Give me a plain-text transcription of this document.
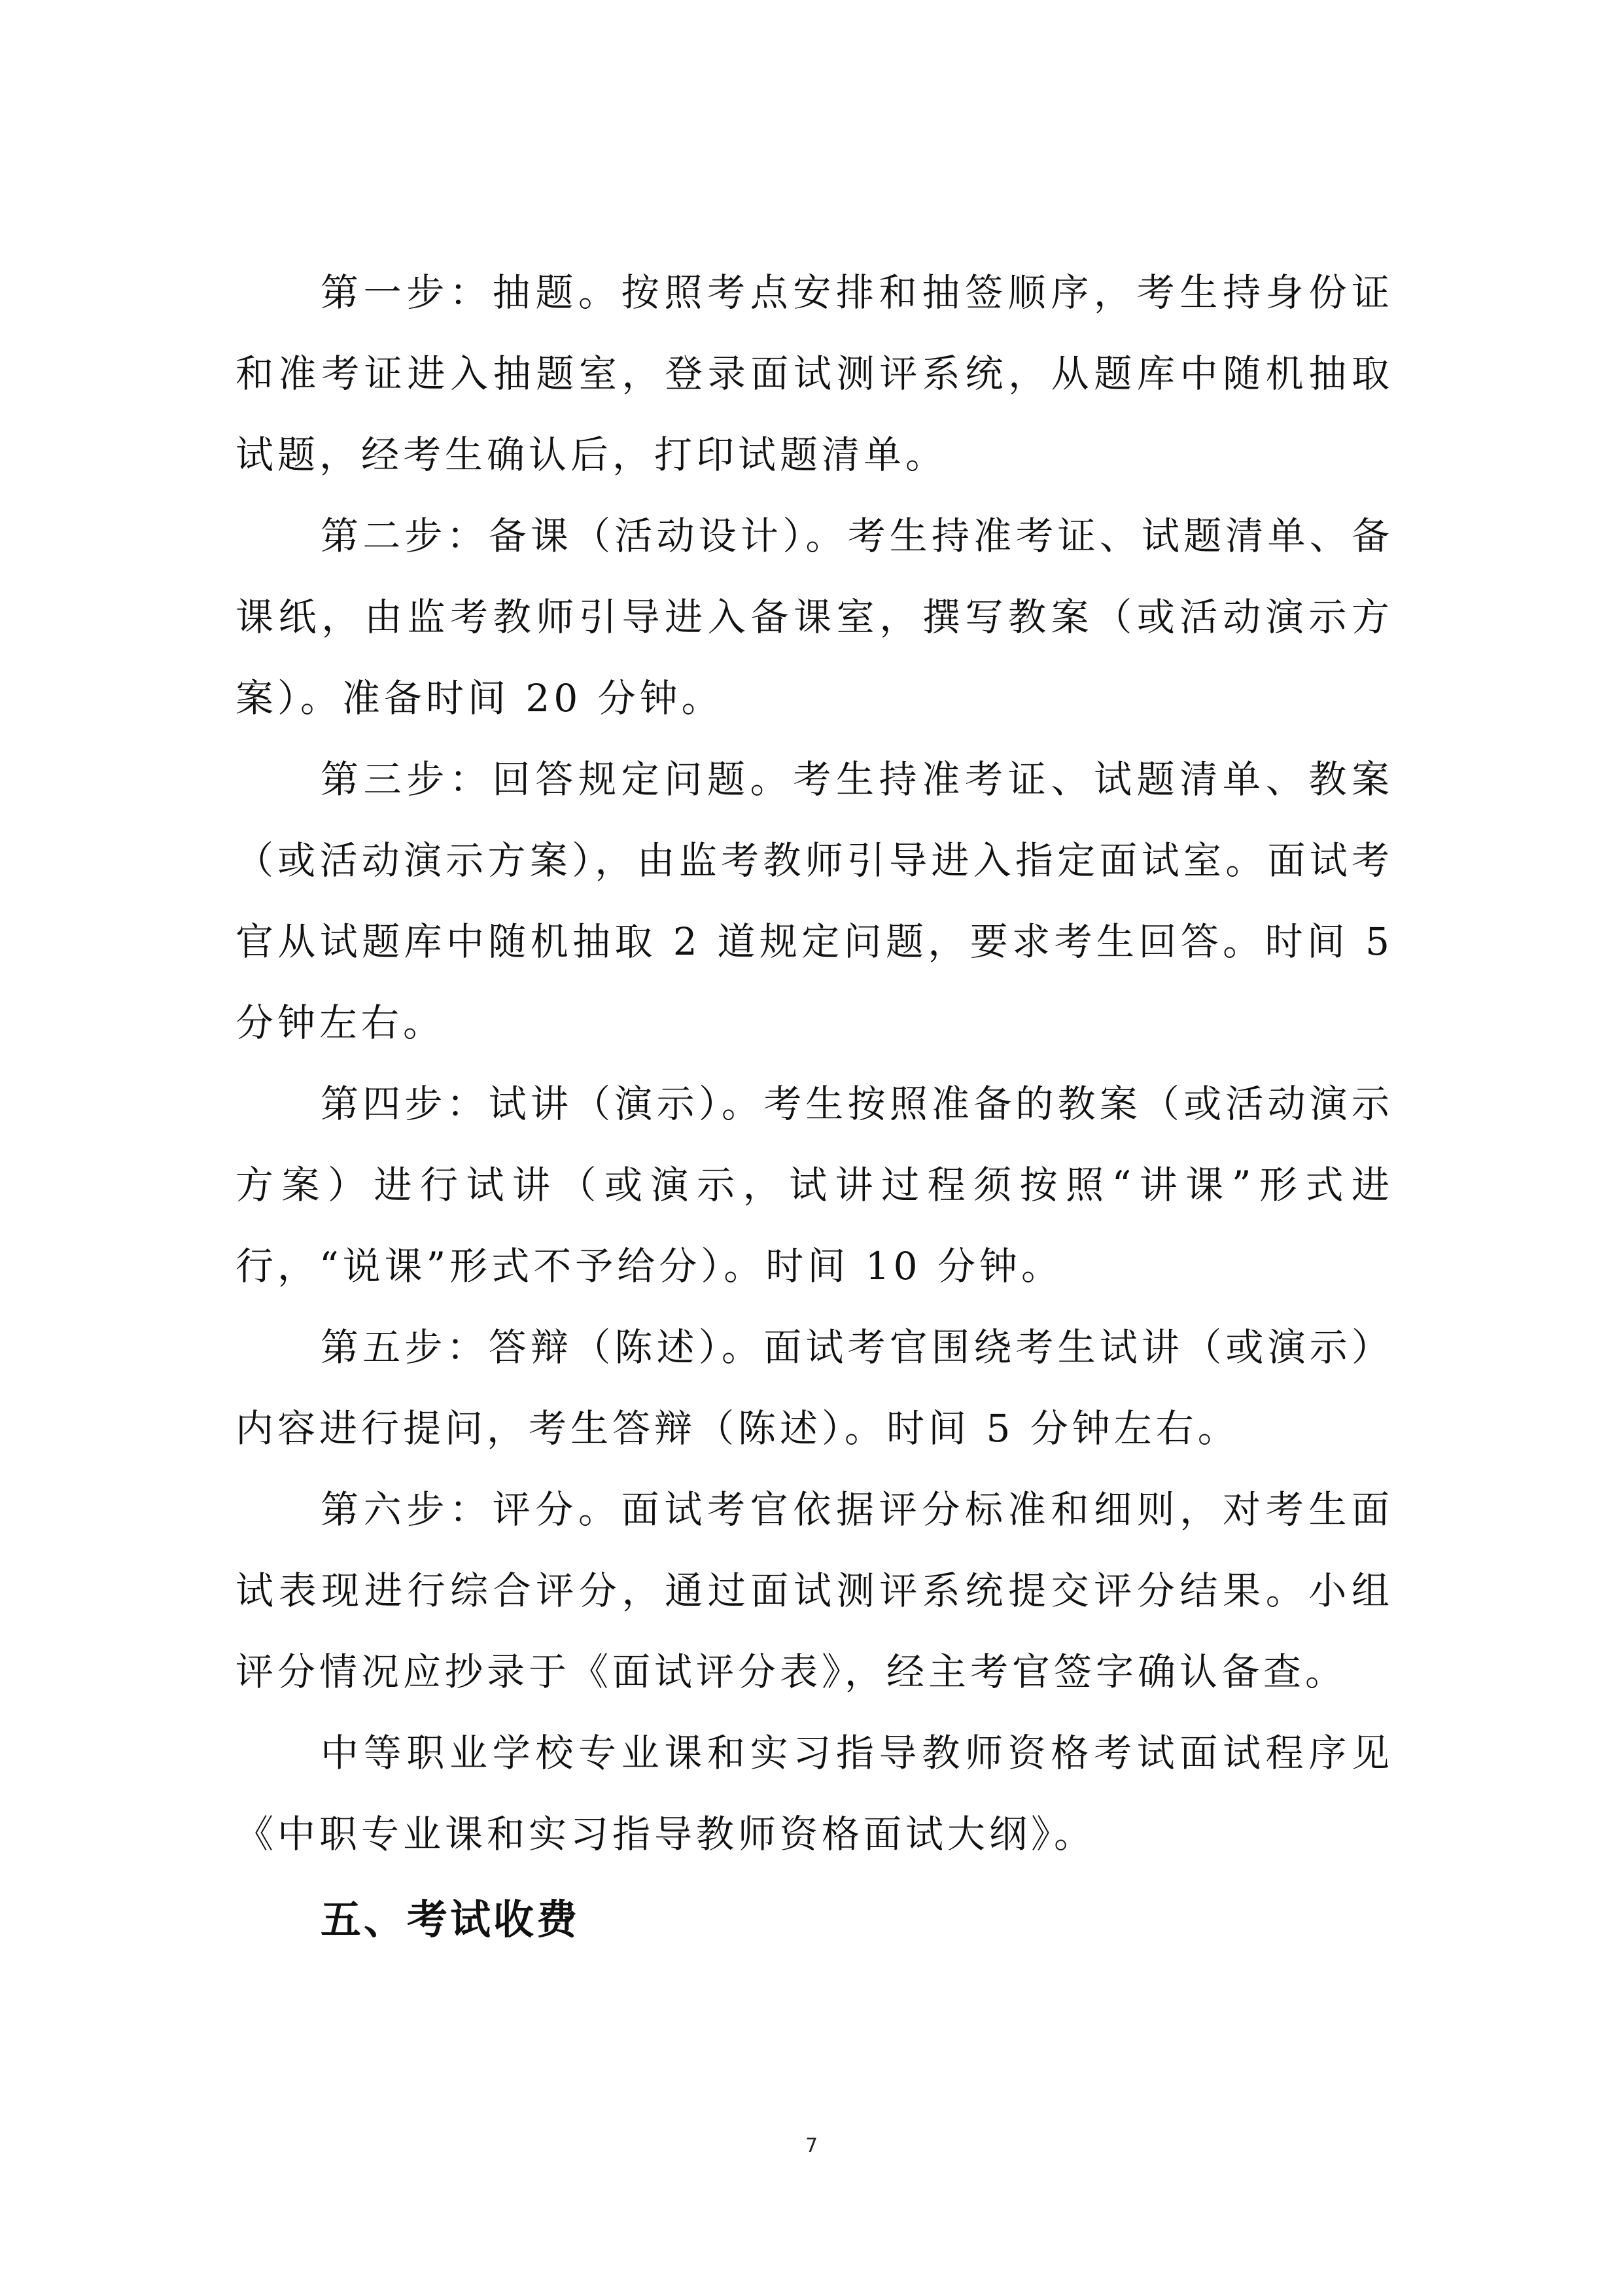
第一步：抽题。按照考点安排和抽签顺序，考生持身份证和准考证进入抽题室，登录面试测评系统，从题库中随机抽取试题，经考生确认后，打印试题清单。

第二步：备课（活动设计）。考生持准考证、试题清单、备课纸，由监考教师引导进入备课室，撰写教案（或活动演示方案）。准备时间 20 分钟。

第三步：回答规定问题。考生持准考证、试题清单、教案（或活动演示方案），由监考教师引导进入指定面试室。面试考官从试题库中随机抽取 2 道规定问题，要求考生回答。时间 5 分钟左右。

第四步：试讲（演示）。考生按照准备的教案（或活动演示方案）进行试讲（或演示，试讲过程须按照“讲课”形式进行，“说课”形式不予给分）。时间 10 分钟。

第五步：答辩（陈述）。面试考官围绕考生试讲（或演示）内容进行提问，考生答辩（陈述）。时间 5 分钟左右。

第六步：评分。面试考官依据评分标准和细则，对考生面试表现进行综合评分，通过面试测评系统提交评分结果。小组评分情况应抄录于《面试评分表》，经主考官签字确认备查。

中等职业学校专业课和实习指导教师资格考试面试程序见《中职专业课和实习指导教师资格面试大纲》。

五、考试收费

7
